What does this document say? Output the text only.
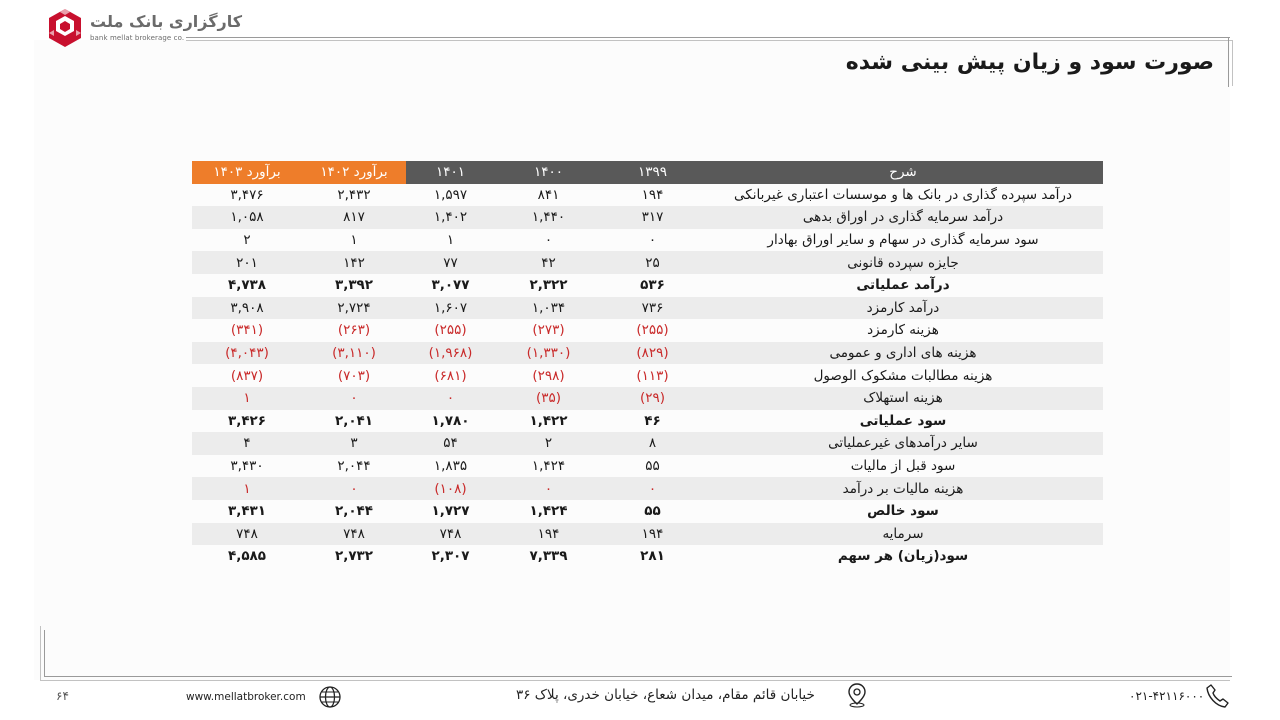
کارگزاری بانک ملت
bank mellat brokerage co.
صورت سود و زیان پیش بینی شده
شرح	۱۳۹۹	۱۴۰۰	۱۴۰۱	برآورد ۱۴۰۲	برآورد ۱۴۰۳
درآمد سپرده گذاری در بانک ها و موسسات اعتباری غیربانکی	۱۹۴	۸۴۱	۱,۵۹۷	۲,۴۳۲	۳,۴۷۶
درآمد سرمایه گذاری در اوراق بدهی	۳۱۷	۱,۴۴۰	۱,۴۰۲	۸۱۷	۱,۰۵۸
سود سرمایه گذاری در سهام و سایر اوراق بهادار	۰	۰	۱	۱	۲
جایزه سپرده قانونی	۲۵	۴۲	۷۷	۱۴۲	۲۰۱
درآمد عملیاتی	۵۳۶	۲,۳۲۲	۳,۰۷۷	۳,۳۹۲	۴,۷۳۸
درآمد کارمزد	۷۳۶	۱,۰۳۴	۱,۶۰۷	۲,۷۲۴	۳,۹۰۸
هزینه کارمزد	(۲۵۵)	(۲۷۳)	(۲۵۵)	(۲۶۳)	(۳۴۱)
هزینه های اداری و عمومی	(۸۲۹)	(۱,۳۳۰)	(۱,۹۶۸)	(۳,۱۱۰)	(۴,۰۴۳)
هزینه مطالبات مشکوک الوصول	(۱۱۳)	(۲۹۸)	(۶۸۱)	(۷۰۳)	(۸۳۷)
هزینه استهلاک	(۲۹)	(۳۵)	۰	۰	۱
سود عملیاتی	۴۶	۱,۴۲۲	۱,۷۸۰	۲,۰۴۱	۳,۴۲۶
سایر درآمدهای غیرعملیاتی	۸	۲	۵۴	۳	۴
سود قبل از مالیات	۵۵	۱,۴۲۴	۱,۸۳۵	۲,۰۴۴	۳,۴۳۰
هزینه مالیات بر درآمد	۰	۰	(۱۰۸)	۰	۱
سود خالص	۵۵	۱,۴۲۴	۱,۷۲۷	۲,۰۴۴	۳,۴۳۱
سرمایه	۱۹۴	۱۹۴	۷۴۸	۷۴۸	۷۴۸
سود(زیان) هر سهم	۲۸۱	۷,۳۳۹	۲,۳۰۷	۲,۷۳۲	۴,۵۸۵
۶۴	www.mellatbroker.com	خیابان قائم مقام، میدان شعاع، خیابان خدری، پلاک ۳۶	۰۲۱-۴۲۱۱۶۰۰۰
